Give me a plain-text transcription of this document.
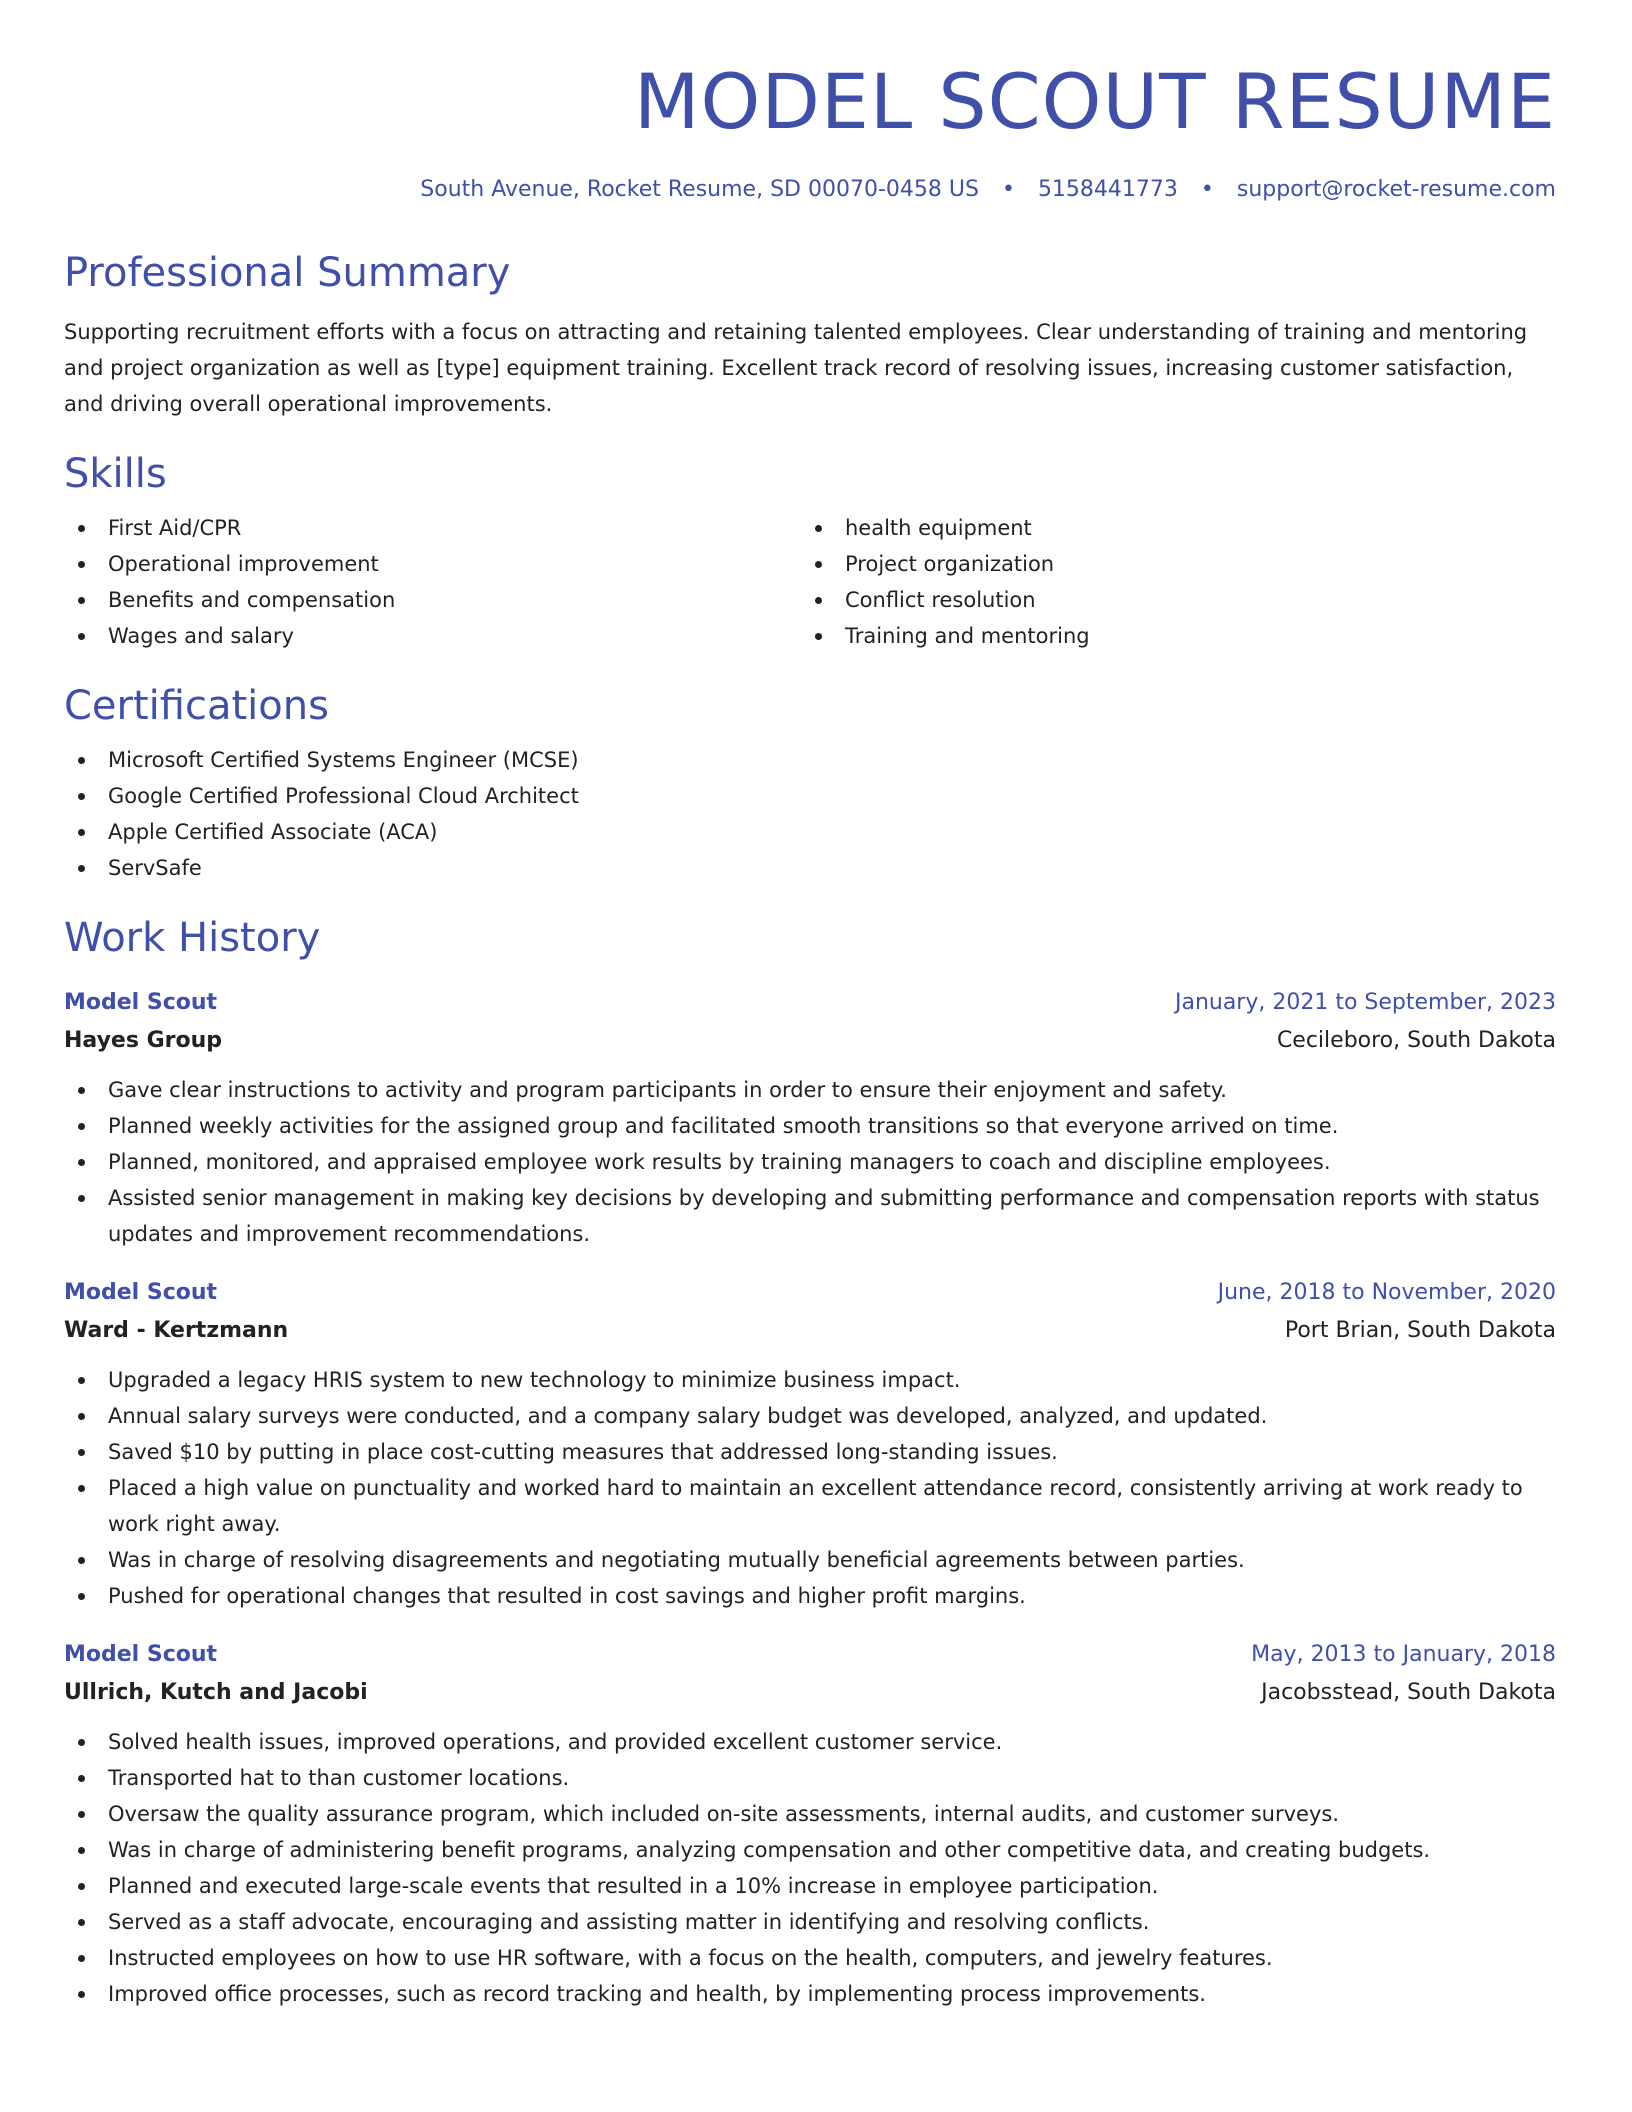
MODEL SCOUT RESUME
South Avenue, Rocket Resume, SD 00070-0458 US • 5158441773 • support@rocket-resume.com
Professional Summary
Supporting recruitment efforts with a focus on attracting and retaining talented employees. Clear understanding of training and mentoring and project organization as well as [type] equipment training. Excellent track record of resolving issues, increasing customer satisfaction, and driving overall operational improvements.
Skills
First Aid/CPR
Operational improvement
Benefits and compensation
Wages and salary
health equipment
Project organization
Conflict resolution
Training and mentoring
Certifications
Microsoft Certified Systems Engineer (MCSE)
Google Certified Professional Cloud Architect
Apple Certified Associate (ACA)
ServSafe
Work History
Model Scout	January, 2021 to September, 2023
Hayes Group	Cecileboro, South Dakota
Gave clear instructions to activity and program participants in order to ensure their enjoyment and safety.
Planned weekly activities for the assigned group and facilitated smooth transitions so that everyone arrived on time.
Planned, monitored, and appraised employee work results by training managers to coach and discipline employees.
Assisted senior management in making key decisions by developing and submitting performance and compensation reports with status updates and improvement recommendations.
Model Scout	June, 2018 to November, 2020
Ward - Kertzmann	Port Brian, South Dakota
Upgraded a legacy HRIS system to new technology to minimize business impact.
Annual salary surveys were conducted, and a company salary budget was developed, analyzed, and updated.
Saved $10 by putting in place cost-cutting measures that addressed long-standing issues.
Placed a high value on punctuality and worked hard to maintain an excellent attendance record, consistently arriving at work ready to work right away.
Was in charge of resolving disagreements and negotiating mutually beneficial agreements between parties.
Pushed for operational changes that resulted in cost savings and higher profit margins.
Model Scout	May, 2013 to January, 2018
Ullrich, Kutch and Jacobi	Jacobsstead, South Dakota
Solved health issues, improved operations, and provided excellent customer service.
Transported hat to than customer locations.
Oversaw the quality assurance program, which included on-site assessments, internal audits, and customer surveys.
Was in charge of administering benefit programs, analyzing compensation and other competitive data, and creating budgets.
Planned and executed large-scale events that resulted in a 10% increase in employee participation.
Served as a staff advocate, encouraging and assisting matter in identifying and resolving conflicts.
Instructed employees on how to use HR software, with a focus on the health, computers, and jewelry features.
Improved office processes, such as record tracking and health, by implementing process improvements.
